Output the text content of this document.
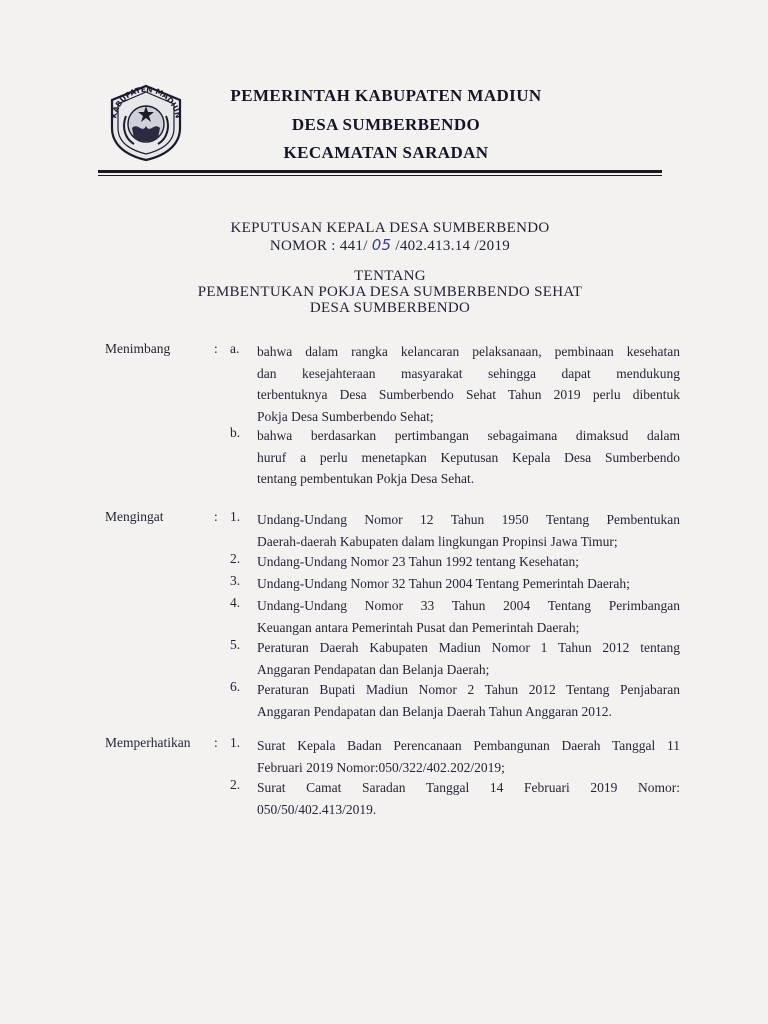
KABUPATEN MADIUN
PEMERINTAH KABUPATEN MADIUN
DESA SUMBERBENDO
KECAMATAN SARADAN
KEPUTUSAN KEPALA DESA SUMBERBENDO
NOMOR : 441/ 05 /402.413.14 /2019
TENTANG
PEMBENTUKAN POKJA DESA SUMBERBENDO SEHAT
DESA SUMBERBENDO
Menimbang	: a. bahwa dalam rangka kelancaran pelaksanaan, pembinaan kesehatan
dan kesejahteraan masyarakat sehingga dapat mendukung
terbentuknya Desa Sumberbendo Sehat Tahun 2019 perlu dibentuk
Pokja Desa Sumberbendo Sehat;
b. bahwa berdasarkan pertimbangan sebagaimana dimaksud dalam
huruf a perlu menetapkan Keputusan Kepala Desa Sumberbendo
tentang pembentukan Pokja Desa Sehat.
Mengingat	: 1. Undang-Undang Nomor 12 Tahun 1950 Tentang Pembentukan
Daerah-daerah Kabupaten dalam lingkungan Propinsi Jawa Timur;
2. Undang-Undang Nomor 23 Tahun 1992 tentang Kesehatan;
3. Undang-Undang Nomor 32 Tahun 2004 Tentang Pemerintah Daerah;
4. Undang-Undang Nomor 33 Tahun 2004 Tentang Perimbangan
Keuangan antara Pemerintah Pusat dan Pemerintah Daerah;
5. Peraturan Daerah Kabupaten Madiun Nomor 1 Tahun 2012 tentang
Anggaran Pendapatan dan Belanja Daerah;
6. Peraturan Bupati Madiun Nomor 2 Tahun 2012 Tentang Penjabaran
Anggaran Pendapatan dan Belanja Daerah Tahun Anggaran 2012.
Memperhatikan : 1. Surat Kepala Badan Perencanaan Pembangunan Daerah Tanggal 11
Februari 2019 Nomor:050/322/402.202/2019;
2. Surat Camat Saradan Tanggal 14 Februari 2019 Nomor:
050/50/402.413/2019.
